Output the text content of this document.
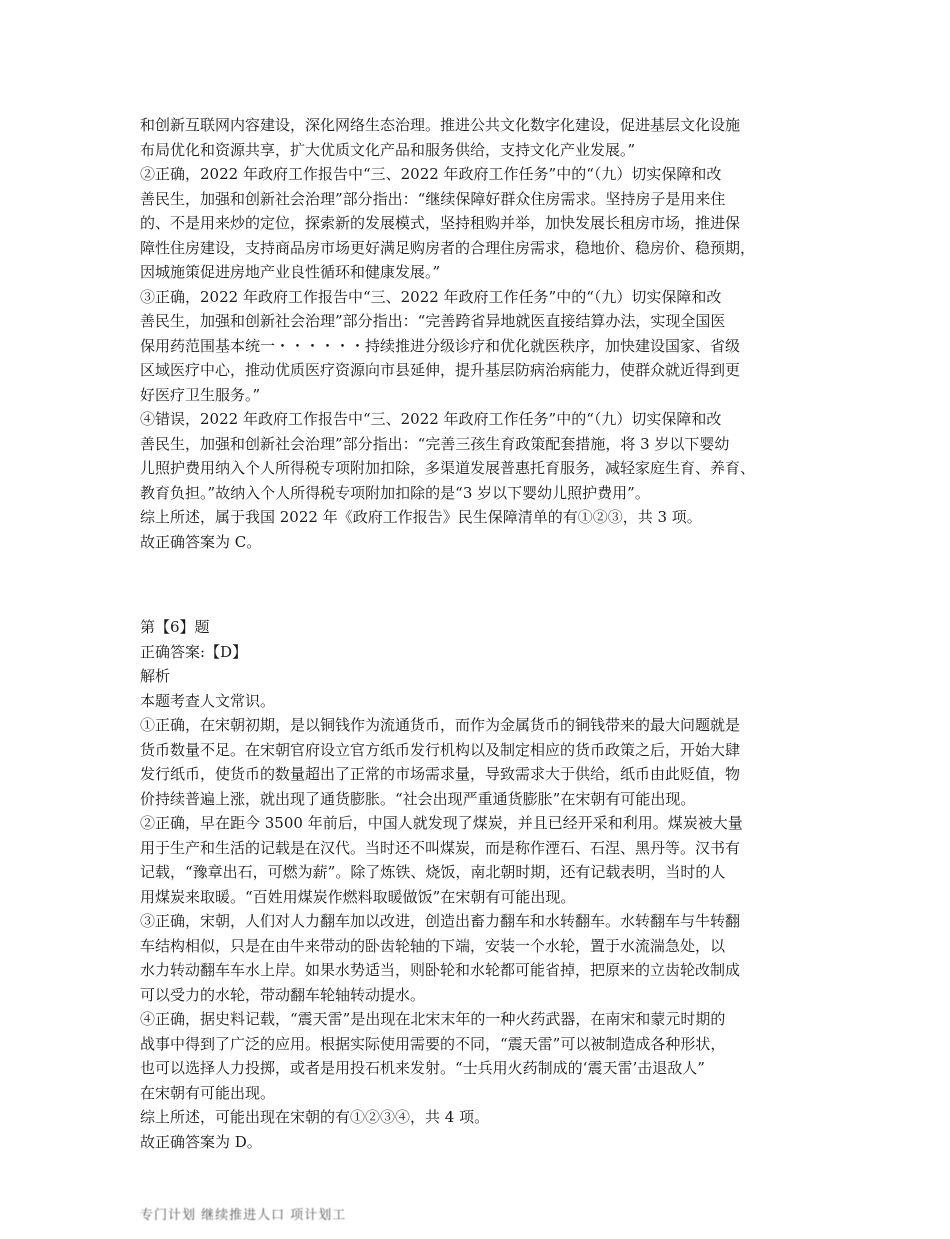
和创新互联网内容建设，深化网络生态治理。推进公共文化数字化建设，促进基层文化设施
布局优化和资源共享，扩大优质文化产品和服务供给，支持文化产业发展。”
②正确，2022 年政府工作报告中“三、2022 年政府工作任务”中的“（九）切实保障和改
善民生，加强和创新社会治理”部分指出：“继续保障好群众住房需求。坚持房子是用来住
的、不是用来炒的定位，探索新的发展模式，坚持租购并举，加快发展长租房市场，推进保
障性住房建设，支持商品房市场更好满足购房者的合理住房需求，稳地价、稳房价、稳预期，
因城施策促进房地产业良性循环和健康发展。”
③正确，2022 年政府工作报告中“三、2022 年政府工作任务”中的“（九）切实保障和改
善民生，加强和创新社会治理”部分指出：“完善跨省异地就医直接结算办法，实现全国医
保用药范围基本统一・・・・・・持续推进分级诊疗和优化就医秩序，加快建设国家、省级
区域医疗中心，推动优质医疗资源向市县延伸，提升基层防病治病能力，使群众就近得到更
好医疗卫生服务。”
④错误，2022 年政府工作报告中“三、2022 年政府工作任务”中的“（九）切实保障和改
善民生，加强和创新社会治理”部分指出：“完善三孩生育政策配套措施，将 3 岁以下婴幼
儿照护费用纳入个人所得税专项附加扣除，多渠道发展普惠托育服务，减轻家庭生育、养育、
教育负担。”故纳入个人所得税专项附加扣除的是“3 岁以下婴幼儿照护费用”。
综上所述，属于我国 2022 年《政府工作报告》民生保障清单的有①②③，共 3 项。
故正确答案为 C。
第【6】题
正确答案:【D】
解析
本题考查人文常识。
①正确，在宋朝初期，是以铜钱作为流通货币，而作为金属货币的铜钱带来的最大问题就是
货币数量不足。在宋朝官府设立官方纸币发行机构以及制定相应的货币政策之后，开始大肆
发行纸币，使货币的数量超出了正常的市场需求量，导致需求大于供给，纸币由此贬值，物
价持续普遍上涨，就出现了通货膨胀。“社会出现严重通货膨胀”在宋朝有可能出现。
②正确，早在距今 3500 年前后，中国人就发现了煤炭，并且已经开采和利用。煤炭被大量
用于生产和生活的记载是在汉代。当时还不叫煤炭，而是称作湮石、石涅、黑丹等。汉书有
记载，“豫章出石，可燃为薪”。除了炼铁、烧饭，南北朝时期，还有记载表明，当时的人
用煤炭来取暖。“百姓用煤炭作燃料取暖做饭”在宋朝有可能出现。
③正确，宋朝，人们对人力翻车加以改进，创造出畜力翻车和水转翻车。水转翻车与牛转翻
车结构相似，只是在由牛来带动的卧齿轮轴的下端，安装一个水轮，置于水流湍急处，以
水力转动翻车车水上岸。如果水势适当，则卧轮和水轮都可能省掉，把原来的立齿轮改制成
可以受力的水轮，带动翻车轮轴转动提水。
④正确，据史料记载，“震天雷”是出现在北宋末年的一种火药武器，在南宋和蒙元时期的
战事中得到了广泛的应用。根据实际使用需要的不同，“震天雷”可以被制造成各种形状，
也可以选择人力投掷，或者是用投石机来发射。“士兵用火药制成的‘震天雷’击退敌人”
在宋朝有可能出现。
综上所述，可能出现在宋朝的有①②③④，共 4 项。
故正确答案为 D。
专门计划 继续推进人口 项计划工
